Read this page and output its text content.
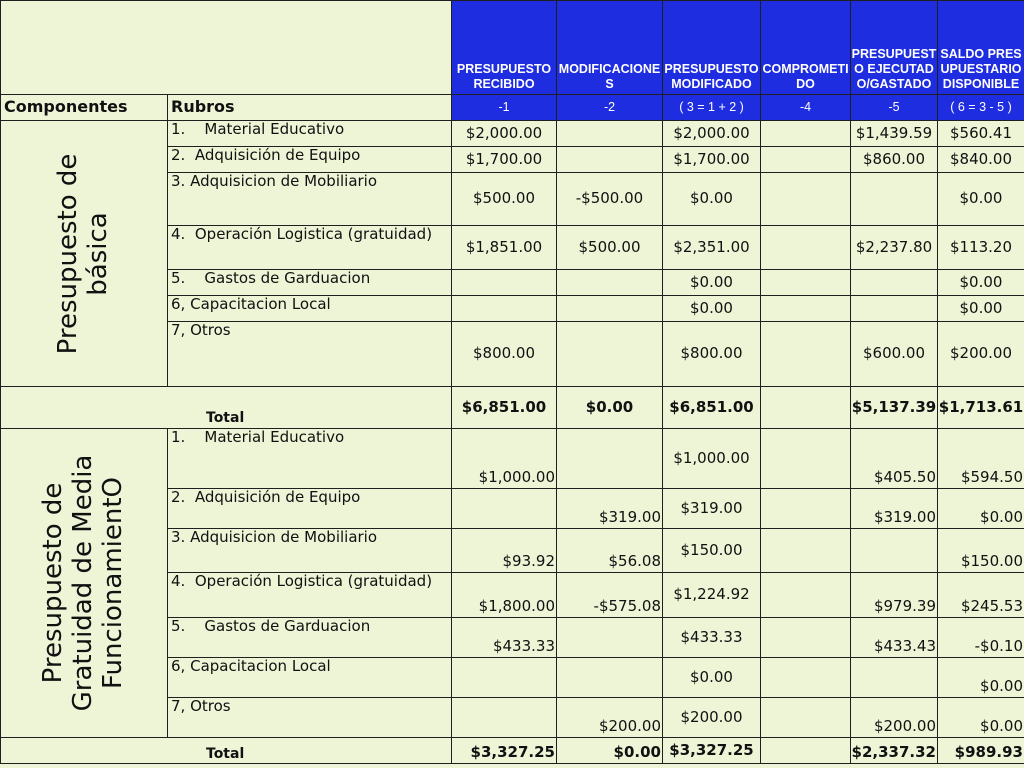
		PRESUPUESTO RECIBIDO	MODIFICACIONES	PRESUPUESTO MODIFICADO	COMPROMETIDO	PRESUPUESTO EJECUTADO/GASTADO	SALDO PRESUPUESTARIO DISPONIBLE
Componentes	Rubros	-1	-2	( 3 = 1 + 2 )	-4	-5	( 6 = 3 - 5 )

Presupuesto de
básica	1. Material Educativo	$2,000.00		$2,000.00		$1,439.59	$560.41
	2. Adquisición de Equipo	$1,700.00		$1,700.00		$860.00	$840.00
	3. Adquisicion de Mobiliario	$500.00	-$500.00	$0.00			$0.00
	4. Operación Logistica (gratuidad)	$1,851.00	$500.00	$2,351.00		$2,237.80	$113.20
	5. Gastos de Garduacion			$0.00			$0.00
	6, Capacitacion Local			$0.00			$0.00
	7, Otros	$800.00		$800.00		$600.00	$200.00
Total		$6,851.00	$0.00	$6,851.00		$5,137.39	$1,713.61

Presupuesto de
Gratuidad de Media
FuncionamientO	1. Material Educativo	$1,000.00		$1,000.00		$405.50	$594.50
	2. Adquisición de Equipo		$319.00	$319.00		$319.00	$0.00
	3. Adquisicion de Mobiliario	$93.92	$56.08	$150.00			$150.00
	4. Operación Logistica (gratuidad)	$1,800.00	-$575.08	$1,224.92		$979.39	$245.53
	5. Gastos de Garduacion	$433.33		$433.33		$433.43	-$0.10
	6, Capacitacion Local			$0.00			$0.00
	7, Otros		$200.00	$200.00		$200.00	$0.00
Total		$3,327.25	$0.00	$3,327.25		$2,337.32	$989.93
